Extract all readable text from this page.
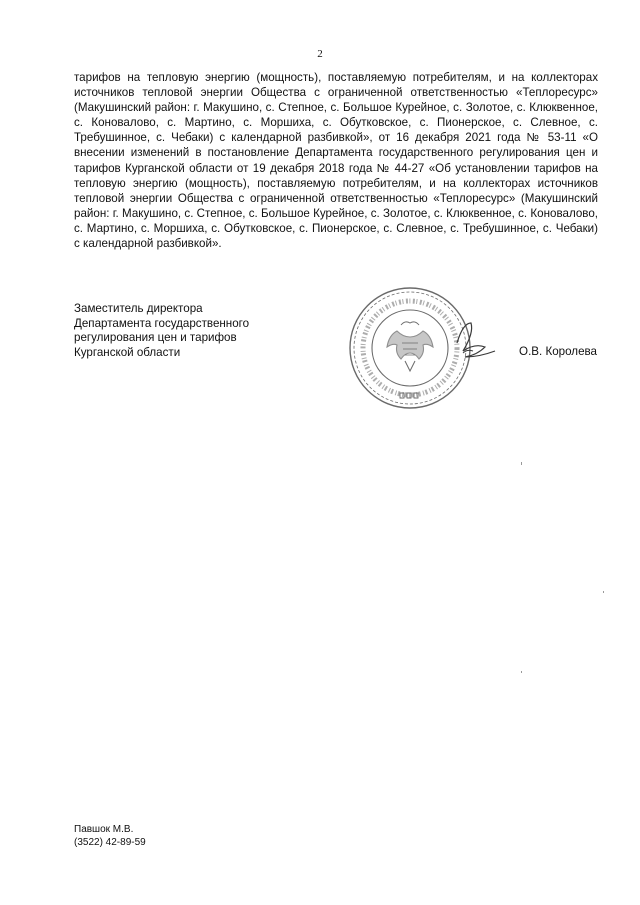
2

тарифов на тепловую энергию (мощность), поставляемую потребителям, и на коллекторах источников тепловой энергии Общества с ограниченной ответственностью «Теплоресурс» (Макушинский район: г. Макушино, с. Степное, с. Большое Курейное, с. Золотое, с. Клюквенное, с. Коновалово, с. Мартино, с. Моршиха, с. Обутковское, с. Пионерское, с. Слевное, с. Требушинное, с. Чебаки) с календарной разбивкой», от 16 декабря 2021 года № 53-11 «О внесении изменений в постановление Департамента государственного регулирования цен и тарифов Курганской области от 19 декабря 2018 года № 44-27 «Об установлении тарифов на тепловую энергию (мощность), поставляемую потребителям, и на коллекторах источников тепловой энергии Общества с ограниченной ответственностью «Теплоресурс» (Макушинский район: г. Макушино, с. Степное, с. Большое Курейное, с. Золотое, с. Клюквенное, с. Коновалово, с. Мартино, с. Моршиха, с. Обутковское, с. Пионерское, с. Слевное, с. Требушинное, с. Чебаки) с календарной разбивкой».

Заместитель директора
Департамента государственного
регулирования цен и тарифов
Курганской области	О.В. Королева
Павшок М.В.
(3522) 42-89-59
